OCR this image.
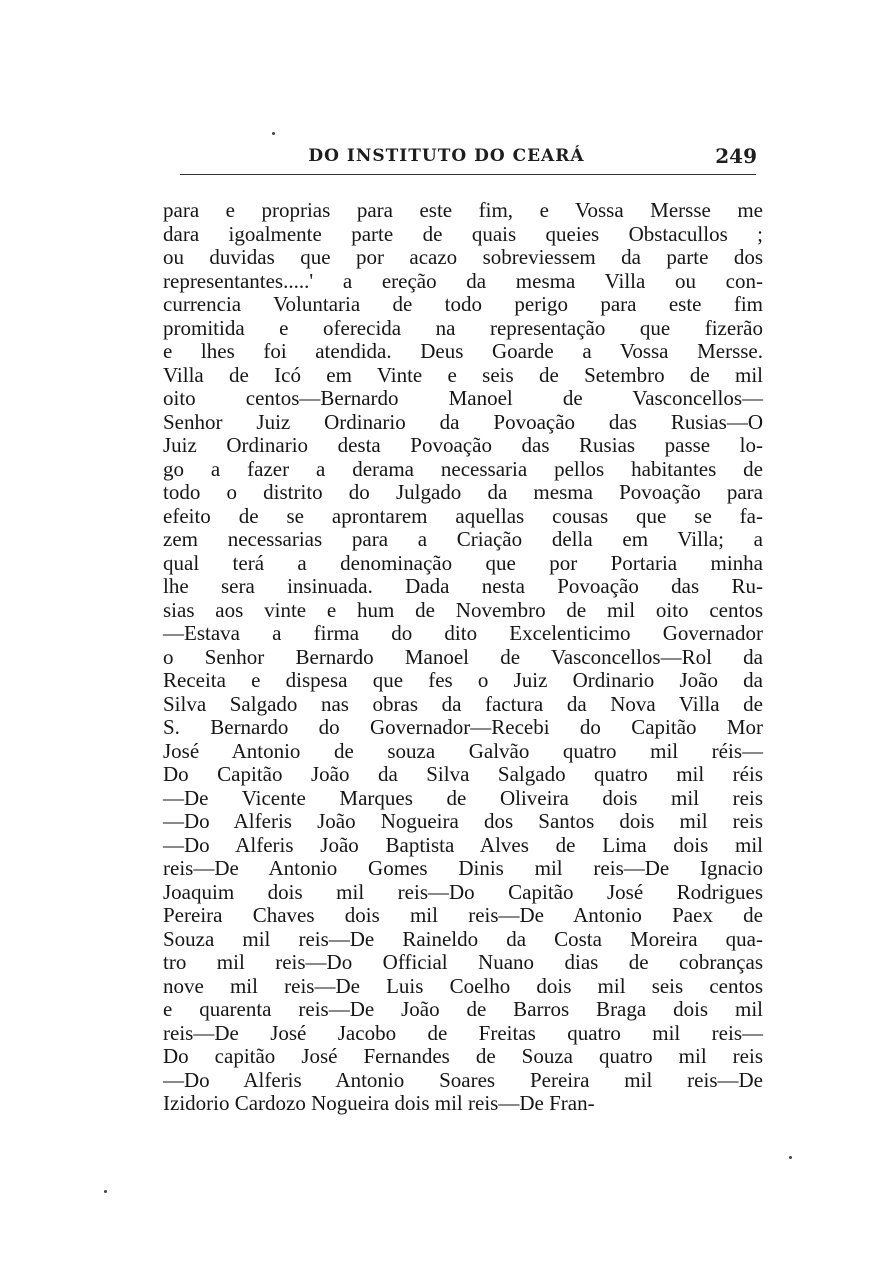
DO INSTITUTO DO CEARÁ	249
para e proprias para este fim, e Vossa Mersse me
dara igoalmente parte de quais queies Obstacullos ;
ou duvidas que por acazo sobreviessem da parte dos
representantes.....' a ereção da mesma Villa ou con-
currencia Voluntaria de todo perigo para este fim
promitida e oferecida na representação que fizerão
e lhes foi atendida. Deus Goarde a Vossa Mersse.
Villa de Icó em Vinte e seis de Setembro de mil
oito centos—Bernardo Manoel de Vasconcellos—
Senhor Juiz Ordinario da Povoação das Rusias—O
Juiz Ordinario desta Povoação das Rusias passe lo-
go a fazer a derama necessaria pellos habitantes de
todo o distrito do Julgado da mesma Povoação para
efeito de se aprontarem aquellas cousas que se fa-
zem necessarias para a Criação della em Villa; a
qual terá a denominação que por Portaria minha
lhe sera insinuada. Dada nesta Povoação das Ru-
sias aos vinte e hum de Novembro de mil oito centos
—Estava a firma do dito Excelenticimo Governador
o Senhor Bernardo Manoel de Vasconcellos—Rol da
Receita e dispesa que fes o Juiz Ordinario João da
Silva Salgado nas obras da factura da Nova Villa de
S. Bernardo do Governador—Recebi do Capitão Mor
José Antonio de souza Galvão quatro mil réis—
Do Capitão João da Silva Salgado quatro mil réis
—De Vicente Marques de Oliveira dois mil reis
—Do Alferis João Nogueira dos Santos dois mil reis
—Do Alferis João Baptista Alves de Lima dois mil
reis—De Antonio Gomes Dinis mil reis—De Ignacio
Joaquim dois mil reis—Do Capitão José Rodrigues
Pereira Chaves dois mil reis—De Antonio Paex de
Souza mil reis—De Raineldo da Costa Moreira qua-
tro mil reis—Do Official Nuano dias de cobranças
nove mil reis—De Luis Coelho dois mil seis centos
e quarenta reis—De João de Barros Braga dois mil
reis—De José Jacobo de Freitas quatro mil reis—
Do capitão José Fernandes de Souza quatro mil reis
—Do Alferis Antonio Soares Pereira mil reis—De
Izidorio Cardozo Nogueira dois mil reis—De Fran-
